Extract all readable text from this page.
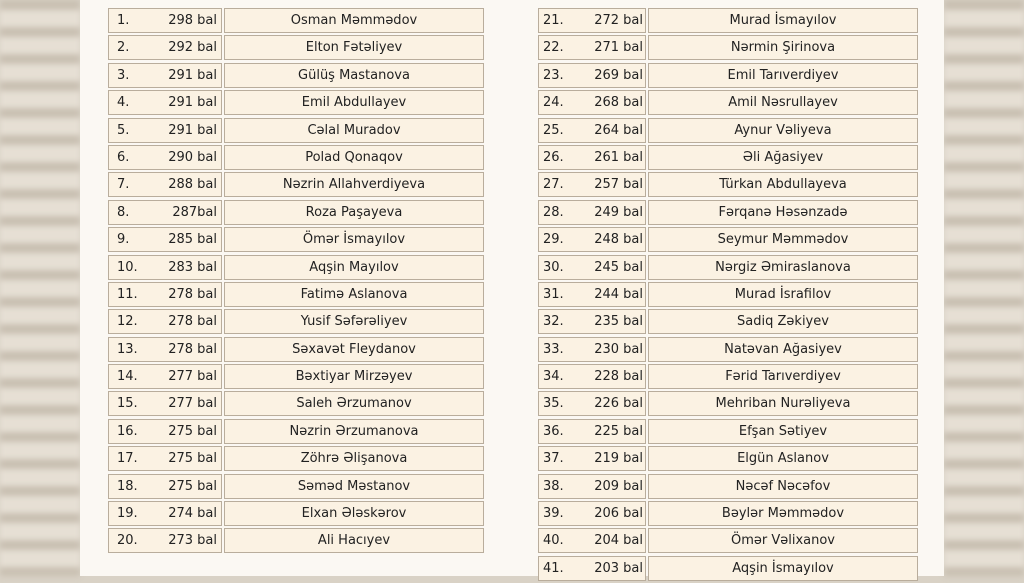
1.	298 bal	Osman Məmmədov
2.	292 bal	Elton Fətəliyev
3.	291 bal	Gülüş Mastanova
4.	291 bal	Emil Abdullayev
5.	291 bal	Cəlal Muradov
6.	290 bal	Polad Qonaqov
7.	288 bal	Nəzrin Allahverdiyeva
8.	287bal	Roza Paşayeva
9.	285 bal	Ömər İsmayılov
10. 283 bal	Aqşin Mayılov
11. 278 bal	Fatimə Aslanova
12. 278 bal	Yusif Səfərəliyev
13. 278 bal	Səxavət Fleydanov
14. 277 bal	Bəxtiyar Mirzəyev
15. 277 bal	Saleh Ərzumanov
16. 275 bal	Nəzrin Ərzumanova
17. 275 bal	Zöhrə Əlişanova
18. 275 bal	Səməd Məstanov
19. 274 bal	Elxan Ələskərov
20. 273 bal	Ali Hacıyev
21. 272 bal	Murad İsmayılov
22. 271 bal	Nərmin Şirinova
23. 269 bal	Emil Tarıverdiyev
24. 268 bal	Amil Nəsrullayev
25. 264 bal	Aynur Vəliyeva
26. 261 bal	Əli Ağasiyev
27. 257 bal	Türkan Abdullayeva
28. 249 bal	Fərqanə Həsənzadə
29. 248 bal	Seymur Məmmədov
30. 245 bal	Nərgiz Əmiraslanova
31. 244 bal	Murad İsrafilov
32. 235 bal	Sadiq Zəkiyev
33. 230 bal	Natəvan Ağasiyev
34. 228 bal	Fərid Tarıverdiyev
35. 226 bal	Mehriban Nurəliyeva
36. 225 bal	Efşan Sətiyev
37. 219 bal	Elgün Aslanov
38. 209 bal	Nəcəf Nəcəfov
39. 206 bal	Bəylər Məmmədov
40. 204 bal	Ömər Vəlixanov
41. 203 bal	Aqşin İsmayılov
